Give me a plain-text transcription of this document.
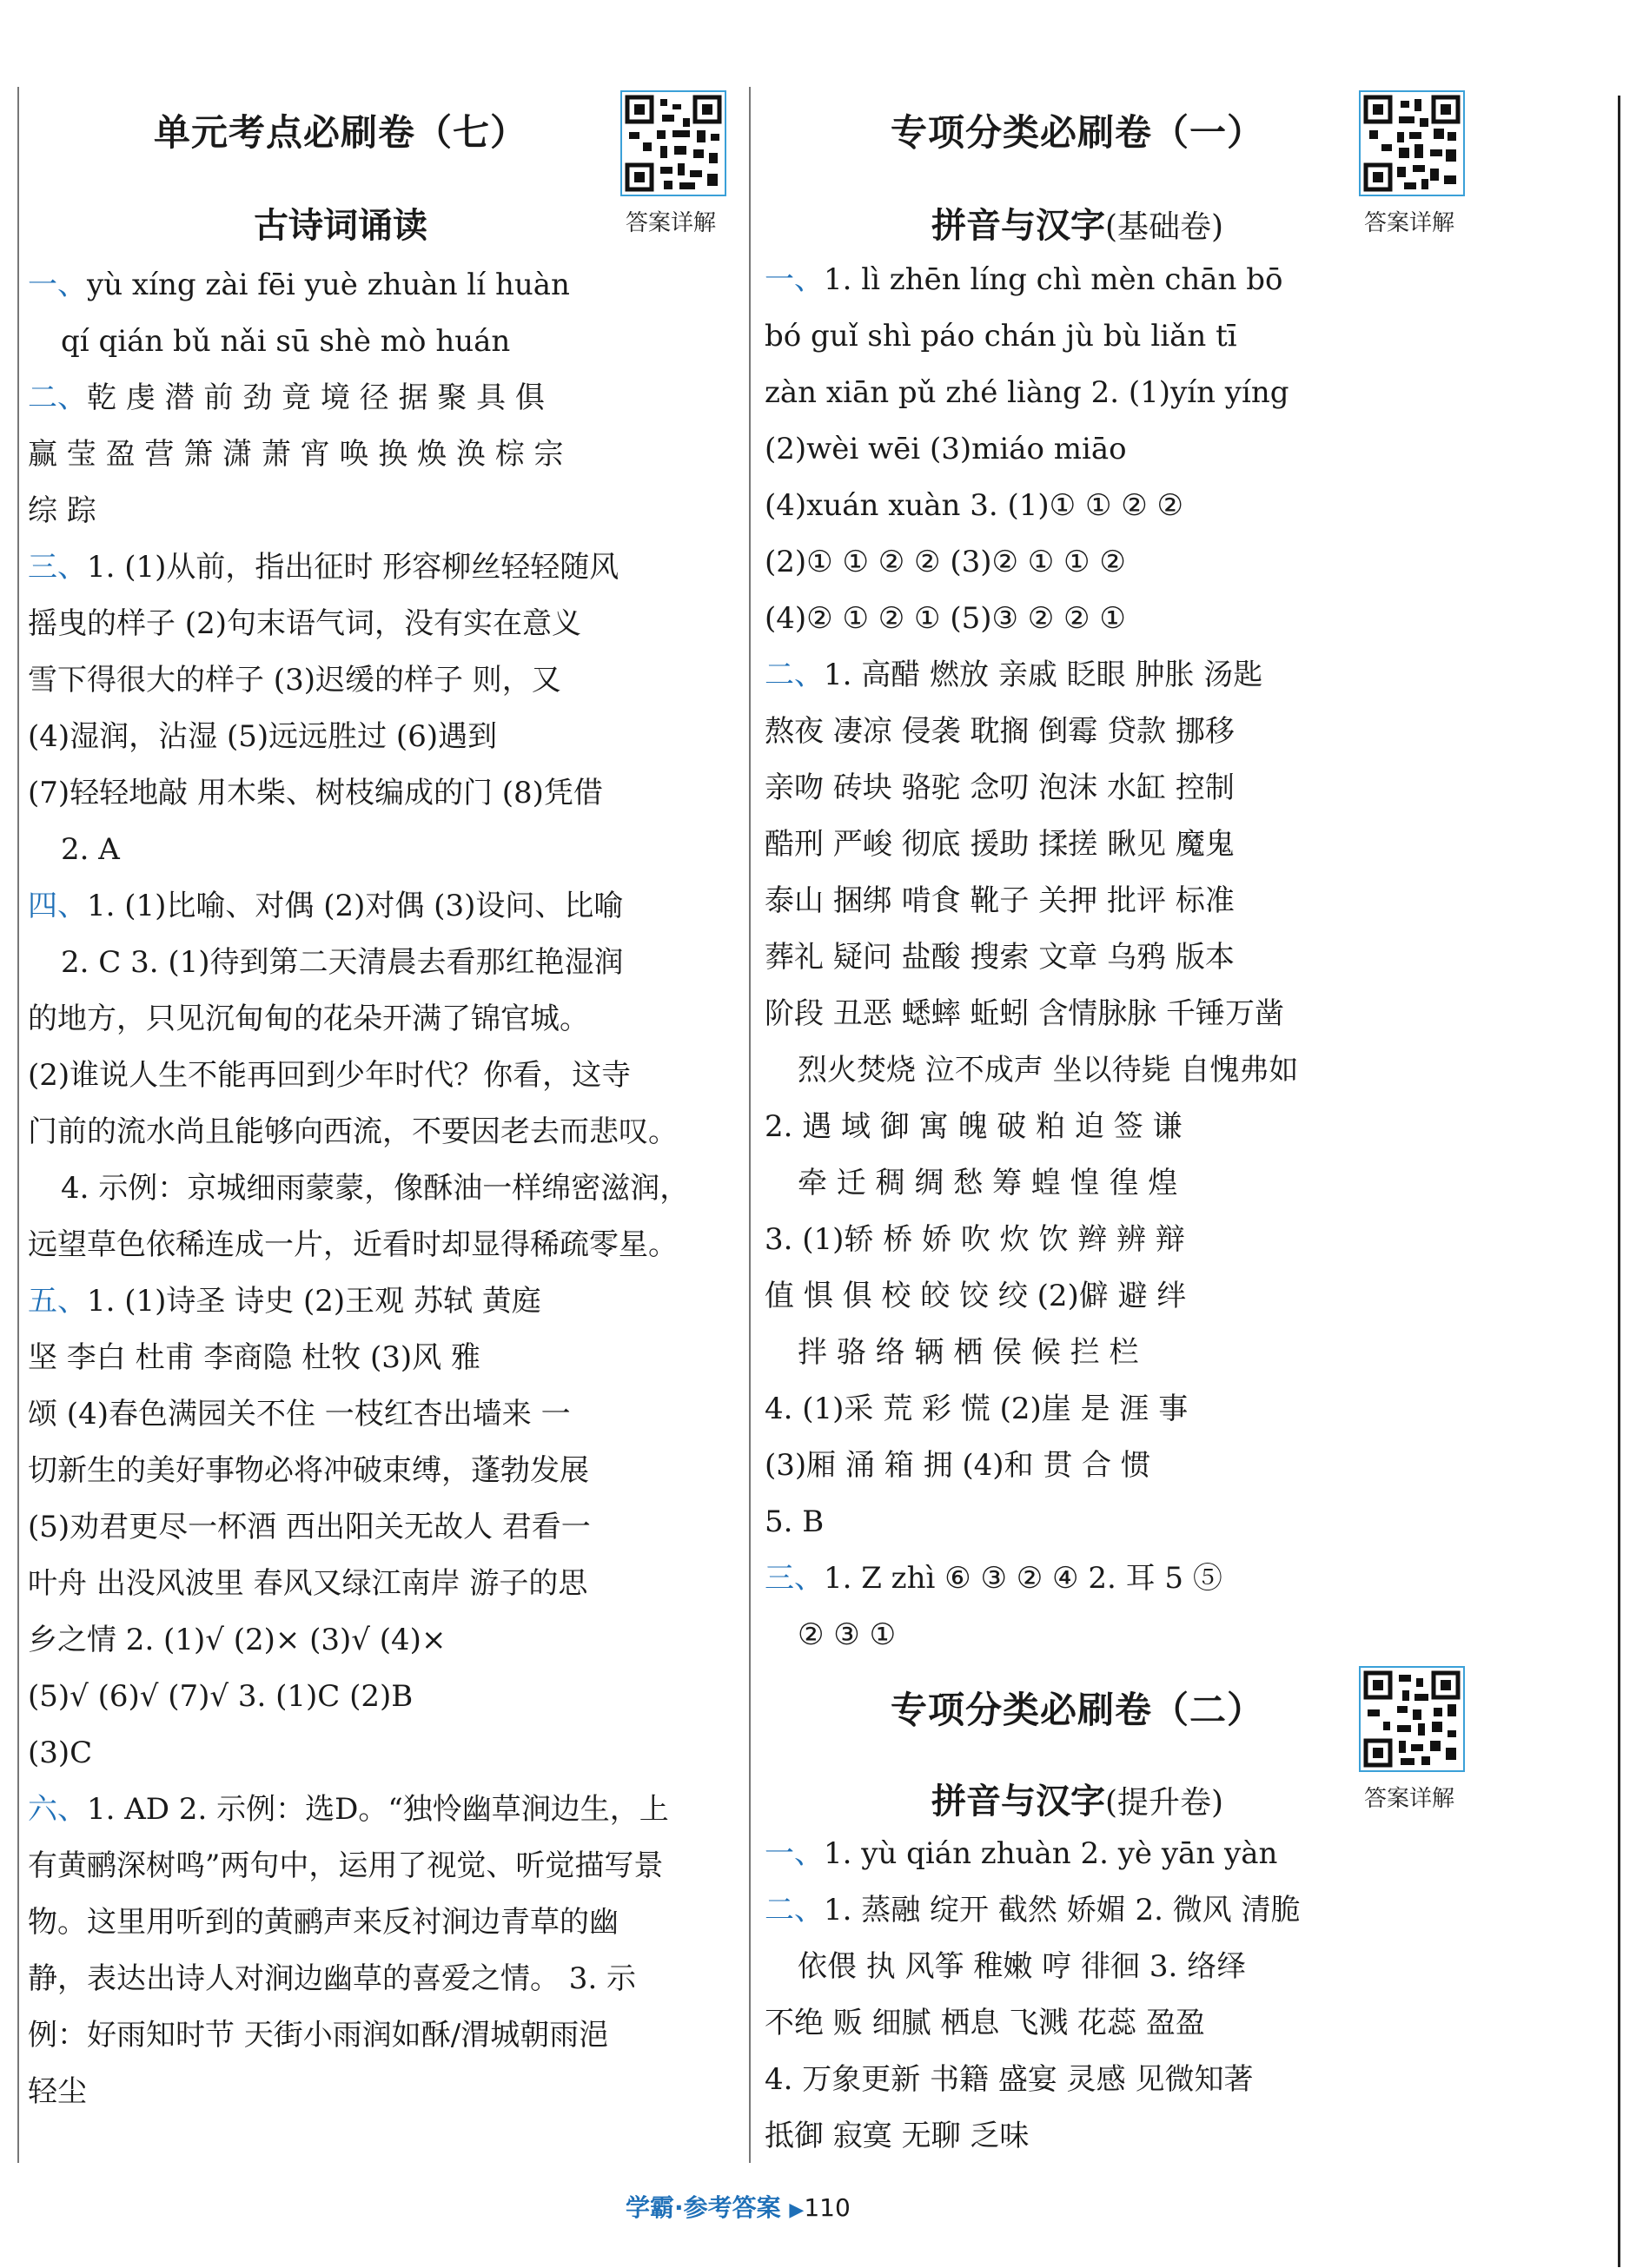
单元考点必刷卷（七）
古诗词诵读	答案详解
一、yù xíng zài fēi yuè zhuàn lí huàn
qí qián bǔ nǎi sū shè mò huán
二、乾 虔 潜 前 劲 竟 境 径 据 聚 具 俱
赢 莹 盈 营 箫 潇 萧 宵 唤 换 焕 涣 棕 宗
综 踪
三、1. (1)从前，指出征时 形容柳丝轻轻随风
摇曳的样子 (2)句末语气词，没有实在意义
雪下得很大的样子 (3)迟缓的样子 则，又
(4)湿润，沾湿 (5)远远胜过 (6)遇到
(7)轻轻地敲 用木柴、树枝编成的门 (8)凭借
2. A
四、1. (1)比喻、对偶 (2)对偶 (3)设问、比喻
2. C 3. (1)待到第二天清晨去看那红艳湿润
的地方，只见沉甸甸的花朵开满了锦官城。
(2)谁说人生不能再回到少年时代？你看，这寺
门前的流水尚且能够向西流，不要因老去而悲叹。
4. 示例：京城细雨蒙蒙，像酥油一样绵密滋润，
远望草色依稀连成一片，近看时却显得稀疏零星。
五、1. (1)诗圣 诗史 (2)王观 苏轼 黄庭
坚 李白 杜甫 李商隐 杜牧 (3)风 雅
颂 (4)春色满园关不住 一枝红杏出墙来 一
切新生的美好事物必将冲破束缚，蓬勃发展
(5)劝君更尽一杯酒 西出阳关无故人 君看一
叶舟 出没风波里 春风又绿江南岸 游子的思
乡之情 2. (1)√ (2)× (3)√ (4)×
(5)√ (6)√ (7)√ 3. (1)C (2)B
(3)C
六、1. AD 2. 示例：选D。“独怜幽草涧边生，上
有黄鹂深树鸣”两句中，运用了视觉、听觉描写景
物。这里用听到的黄鹂声来反衬涧边青草的幽
静，表达出诗人对涧边幽草的喜爱之情。 3. 示
例：好雨知时节 天街小雨润如酥/渭城朝雨浥
轻尘
专项分类必刷卷（一）
拼音与汉字(基础卷)	答案详解
一、1. lì zhēn líng chì mèn chān bō
bó guǐ shì páo chán jù bù liǎn tī
zàn xiān pǔ zhé liàng 2. (1)yín yíng
(2)wèi wēi (3)miáo miāo
(4)xuán xuàn 3. (1)① ① ② ②
(2)① ① ② ② (3)② ① ① ②
(4)② ① ② ① (5)③ ② ② ①
二、1. 高醋 燃放 亲戚 眨眼 肿胀 汤匙
熬夜 凄凉 侵袭 耽搁 倒霉 贷款 挪移
亲吻 砖块 骆驼 念叨 泡沫 水缸 控制
酷刑 严峻 彻底 援助 揉搓 瞅见 魔鬼
泰山 捆绑 啃食 靴子 关押 批评 标准
葬礼 疑问 盐酸 搜索 文章 乌鸦 版本
阶段 丑恶 蟋蟀 蚯蚓 含情脉脉 千锤万凿
烈火焚烧 泣不成声 坐以待毙 自愧弗如
2. 遇 域 御 寓 魄 破 粕 迫 签 谦
牵 迁 稠 绸 愁 筹 蝗 惶 徨 煌
3. (1)轿 桥 娇 吹 炊 饮 辫 辨 辩
值 惧 俱 校 皎 饺 绞 (2)僻 避 绊
拌 骆 络 辆 栖 侯 候 拦 栏
4. (1)采 荒 彩 慌 (2)崖 是 涯 事
(3)厢 涌 箱 拥 (4)和 贯 合 惯
5. B
三、1. Z zhì ⑥ ③ ② ④ 2. 耳 5 ⑤
② ③ ①
专项分类必刷卷（二）
拼音与汉字(提升卷)	答案详解
一、1. yù qián zhuàn 2. yè yān yàn
二、1. 蒸融 绽开 截然 娇媚 2. 微风 清脆
依偎 执 风筝 稚嫩 哼 徘徊 3. 络绎
不绝 贩 细腻 栖息 飞溅 花蕊 盈盈
4. 万象更新 书籍 盛宴 灵感 见微知著
抵御 寂寞 无聊 乏味
学霸·参考答案 ▶110
